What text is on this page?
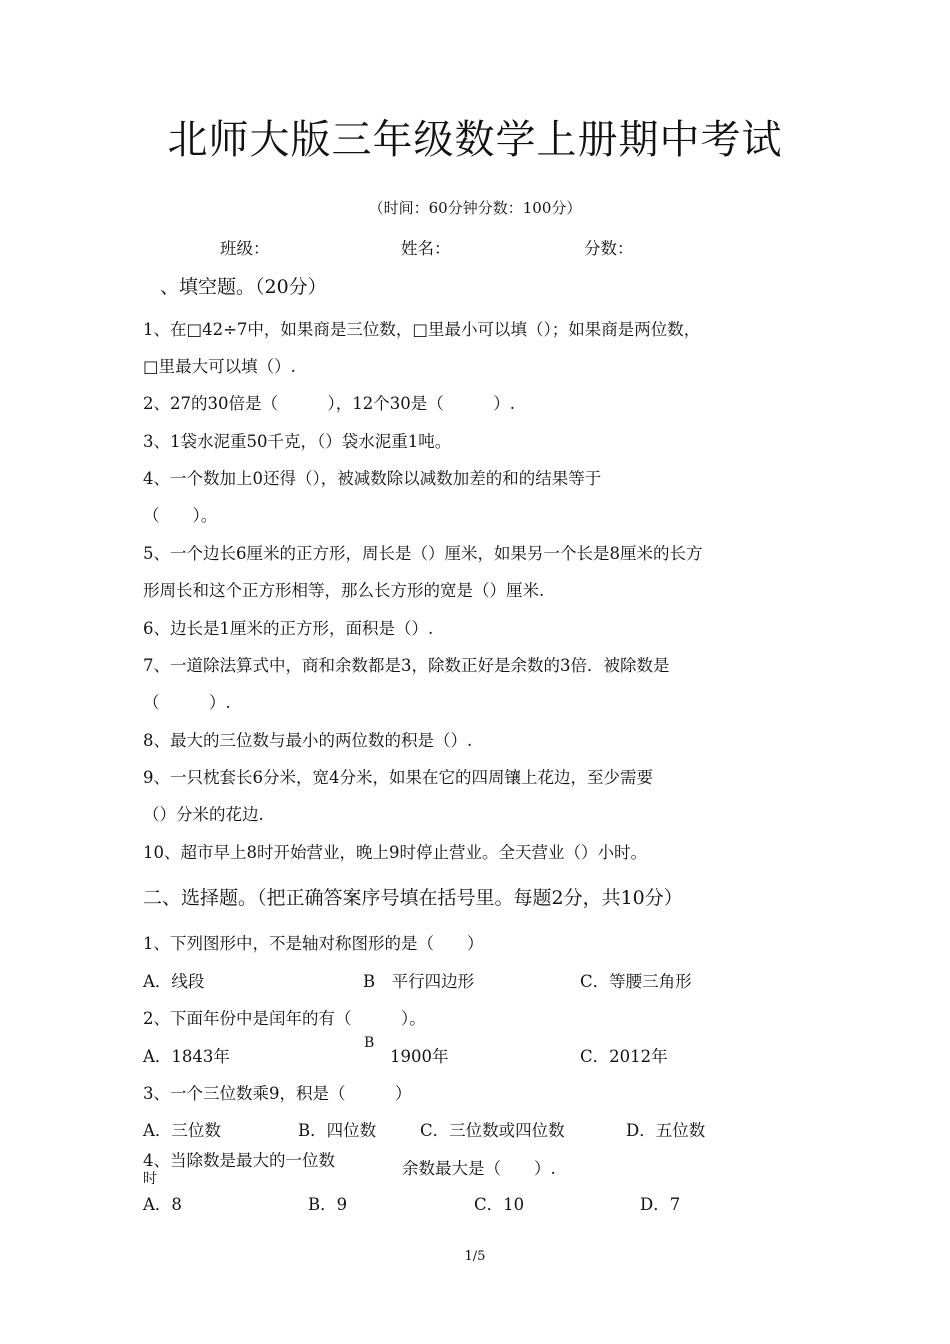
北师大版三年级数学上册期中考试
（时间：60分钟分数：100分）
班级：	姓名：	分数：
、填空题。（20分）
1、在□42÷7中，如果商是三位数，□里最小可以填（）；如果商是两位数，
□里最大可以填（）.
2、27的30倍是（　　　），12个30是（　　　）.
3、1袋水泥重50千克，（）袋水泥重1吨。
4、一个数加上0还得（），被减数除以减数加差的和的结果等于
（　　）。
5、一个边长6厘米的正方形，周长是（）厘米，如果另一个长是8厘米的长方
形周长和这个正方形相等，那么长方形的宽是（）厘米.
6、边长是1厘米的正方形，面积是（）.
7、一道除法算式中，商和余数都是3，除数正好是余数的3倍．被除数是
（　　　）.
8、最大的三位数与最小的两位数的积是（）.
9、一只枕套长6分米，宽4分米，如果在它的四周镶上花边，至少需要
（）分米的花边.
10、超市早上8时开始营业，晚上9时停止营业。全天营业（）小时。
二、选择题。（把正确答案序号填在括号里。每题2分，共10分）
1、下列图形中，不是轴对称图形的是（　　）
A．线段	B　平行四边形	C．等腰三角形
2、下面年份中是闰年的有（　　　）。
A．1843年
B
1900年	C．2012年
3、一个三位数乘9，积是（　　　）
A．三位数	B．四位数	C．三位数或四位数	D．五位数
4、当除数是最大的一位数
时
余数最大是（　　）.
A．8	B．9	C．10	D．7
1/5
